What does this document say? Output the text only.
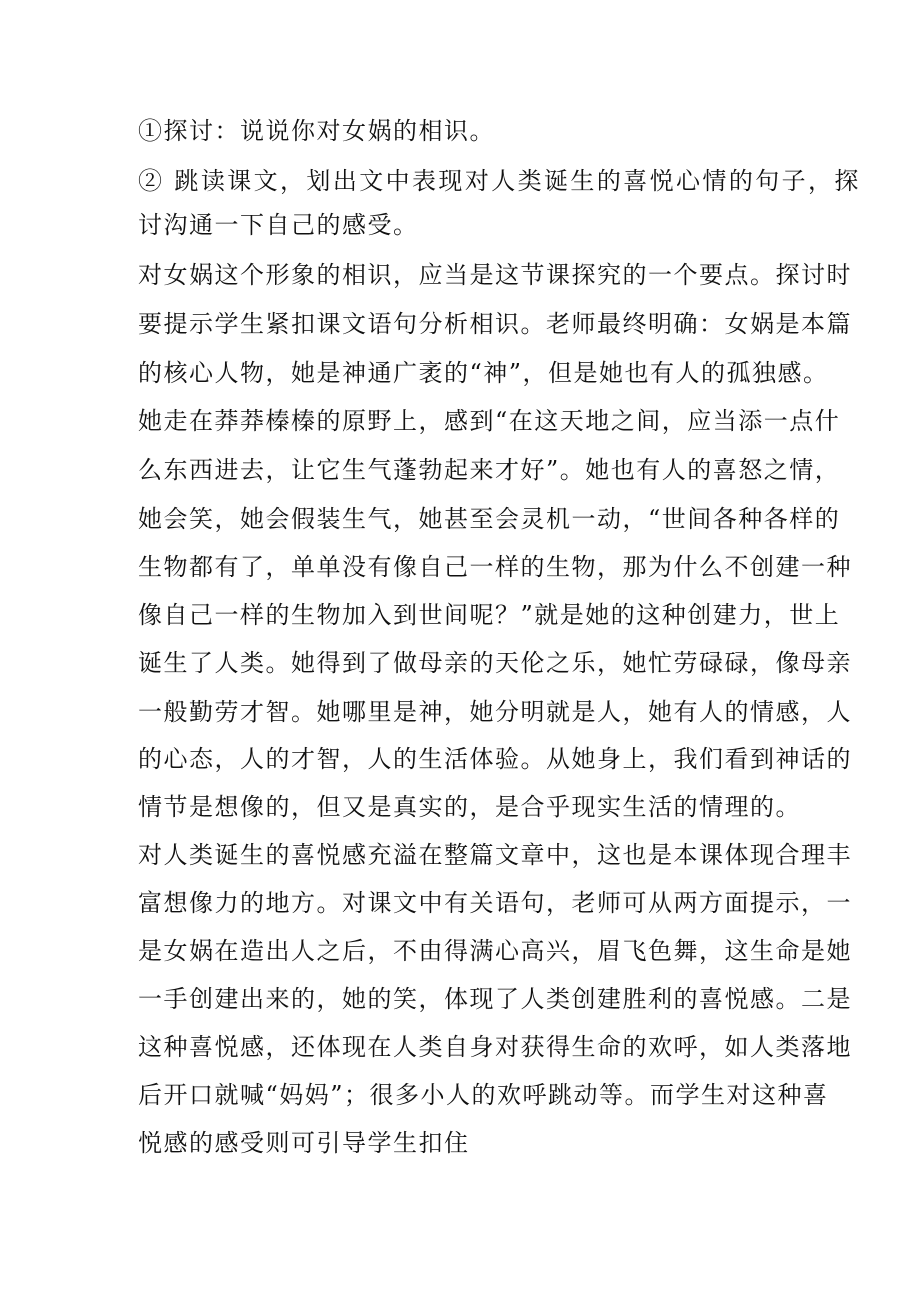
①探讨：说说你对女娲的相识。
② 跳读课文，划出文中表现对人类诞生的喜悦心情的句子，探
讨沟通一下自己的感受。
对女娲这个形象的相识，应当是这节课探究的一个要点。探讨时
要提示学生紧扣课文语句分析相识。老师最终明确：女娲是本篇
的核心人物，她是神通广袤的“神”，但是她也有人的孤独感。
她走在莽莽榛榛的原野上，感到“在这天地之间，应当添一点什
么东西进去，让它生气蓬勃起来才好”。她也有人的喜怒之情，
她会笑，她会假装生气，她甚至会灵机一动，“世间各种各样的
生物都有了，单单没有像自己一样的生物，那为什么不创建一种
像自己一样的生物加入到世间呢？”就是她的这种创建力，世上
诞生了人类。她得到了做母亲的天伦之乐，她忙劳碌碌，像母亲
一般勤劳才智。她哪里是神，她分明就是人，她有人的情感，人
的心态，人的才智，人的生活体验。从她身上，我们看到神话的
情节是想像的，但又是真实的，是合乎现实生活的情理的。
对人类诞生的喜悦感充溢在整篇文章中，这也是本课体现合理丰
富想像力的地方。对课文中有关语句，老师可从两方面提示，一
是女娲在造出人之后，不由得满心高兴，眉飞色舞，这生命是她
一手创建出来的，她的笑，体现了人类创建胜利的喜悦感。二是
这种喜悦感，还体现在人类自身对获得生命的欢呼，如人类落地
后开口就喊“妈妈”；很多小人的欢呼跳动等。而学生对这种喜
悦感的感受则可引导学生扣住
